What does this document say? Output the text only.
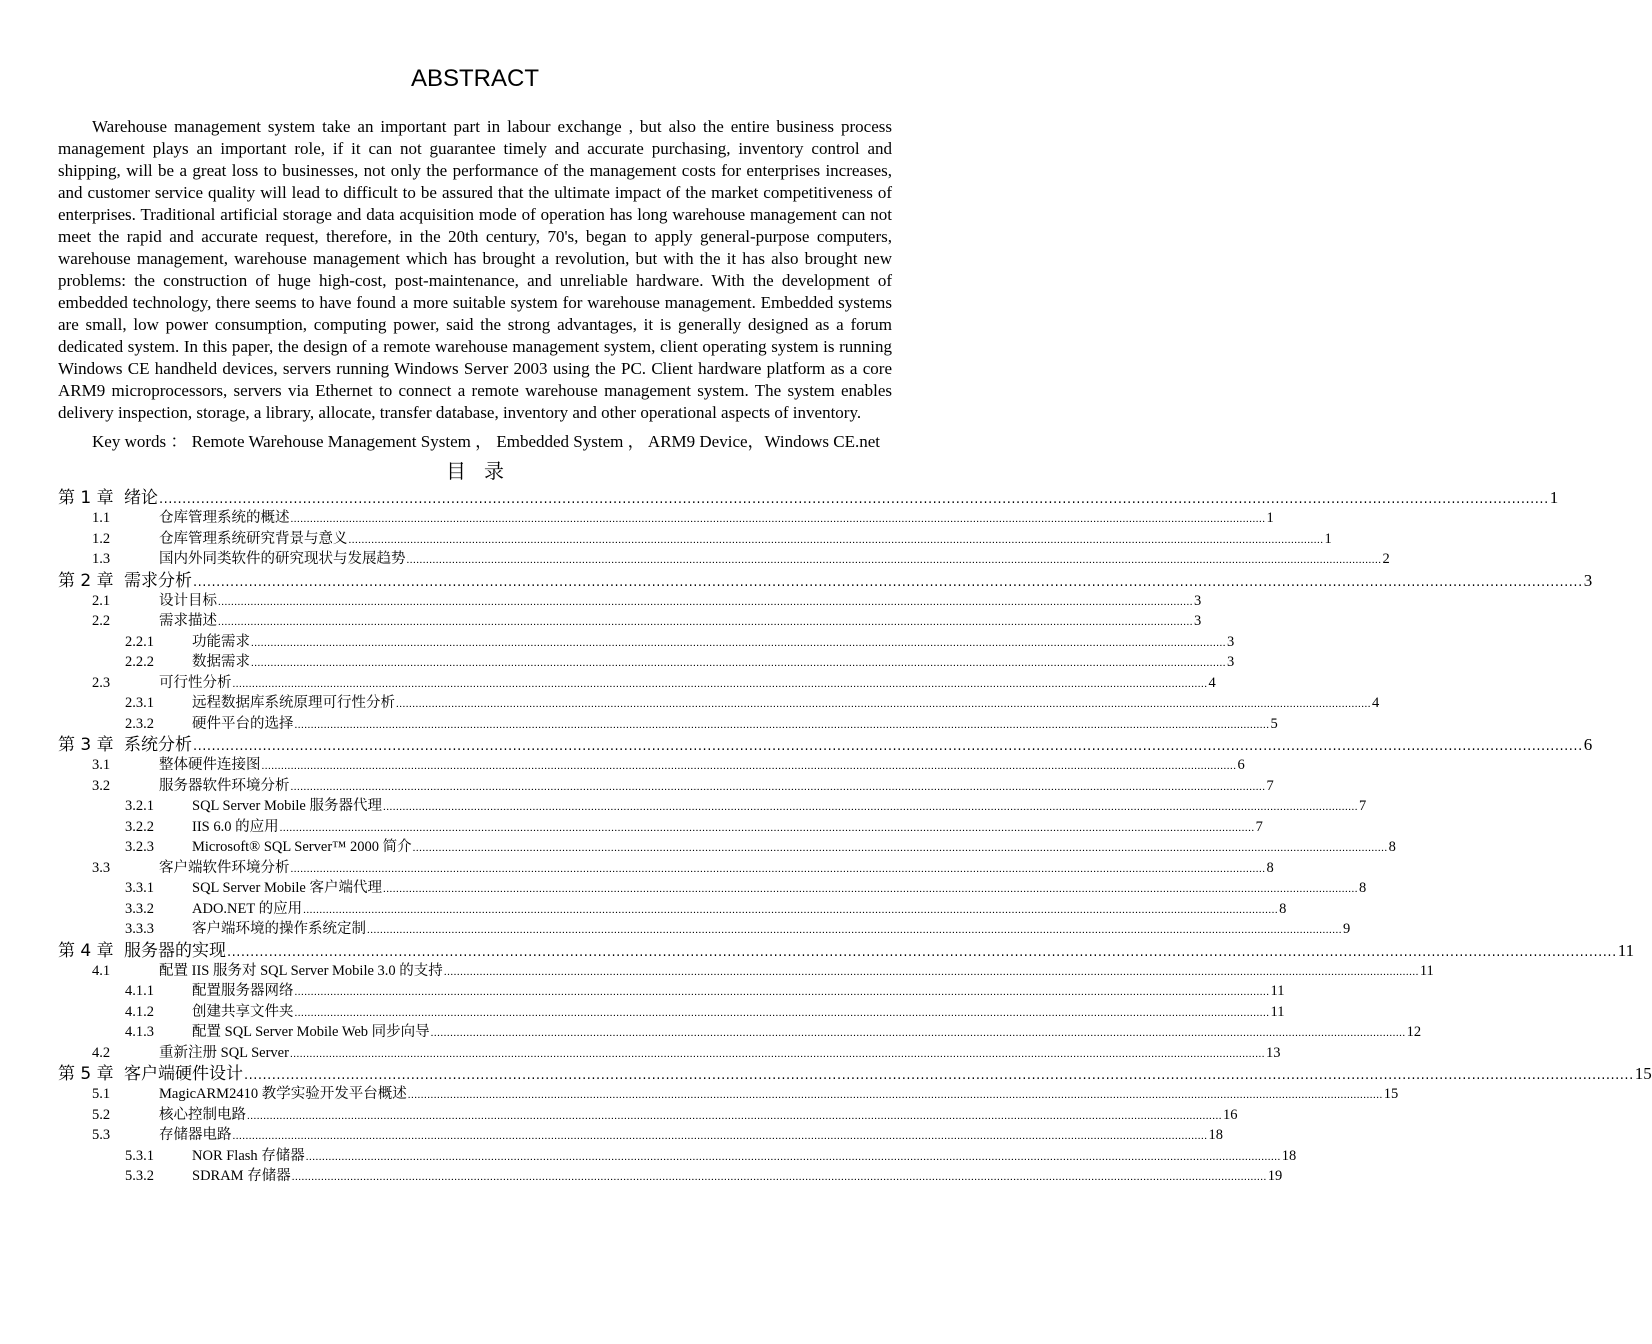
ABSTRACT

Warehouse management system take an important part in labour exchange , but also the entire business process management plays an important role, if it can not guarantee timely and accurate purchasing, inventory control and shipping, will be a great loss to businesses, not only the performance of the management costs for enterprises increases, and customer service quality will lead to difficult to be assured that the ultimate impact of the market competitiveness of enterprises. Traditional artificial storage and data acquisition mode of operation has long warehouse management can not meet the rapid and accurate request, therefore, in the 20th century, 70's, began to apply general-purpose computers, warehouse management, warehouse management which has brought a revolution, but with the it has also brought new problems: the construction of huge high-cost, post-maintenance, and unreliable hardware. With the development of embedded technology, there seems to have found a more suitable system for warehouse management. Embedded systems are small, low power consumption, computing power, said the strong advantages, it is generally designed as a forum dedicated system. In this paper, the design of a remote warehouse management system, client operating system is running Windows CE handheld devices, servers running Windows Server 2003 using the PC. Client hardware platform as a core ARM9 microprocessors, servers via Ethernet to connect a remote warehouse management system. The system enables delivery inspection, storage, a library, allocate, transfer database, inventory and other operational aspects of inventory.

Key words ： Remote Warehouse Management System ， Embedded System ， ARM9 Device，Windows CE.net

目录
第 1 章 绪论 ............................................................................................................................................................................................................................................................................................................ 1
1.1	仓库管理系统的概述 ............................................................................................................................................................................................................................................................................................................ 1
1.2	仓库管理系统研究背景与意义 ............................................................................................................................................................................................................................................................................................................ 1
1.3	国内外同类软件的研究现状与发展趋势 ............................................................................................................................................................................................................................................................................................................ 2
第 2 章 需求分析 ............................................................................................................................................................................................................................................................................................................ 3
2.1	设计目标 ............................................................................................................................................................................................................................................................................................................ 3
2.2	需求描述 ............................................................................................................................................................................................................................................................................................................ 3
2.2.1	功能需求 ............................................................................................................................................................................................................................................................................................................ 3
2.2.2	数据需求 ............................................................................................................................................................................................................................................................................................................ 3
2.3	可行性分析 ............................................................................................................................................................................................................................................................................................................ 4
2.3.1	远程数据库系统原理可行性分析 ............................................................................................................................................................................................................................................................................................................ 4
2.3.2	硬件平台的选择 ............................................................................................................................................................................................................................................................................................................ 5
第 3 章 系统分析 ............................................................................................................................................................................................................................................................................................................ 6
3.1	整体硬件连接图 ............................................................................................................................................................................................................................................................................................................ 6
3.2	服务器软件环境分析 ............................................................................................................................................................................................................................................................................................................ 7
3.2.1	SQL Server Mobile 服务器代理 ............................................................................................................................................................................................................................................................................................................ 7
3.2.2	IIS 6.0 的应用 ............................................................................................................................................................................................................................................................................................................ 7
3.2.3	Microsoft® SQL Server™ 2000 简介 ............................................................................................................................................................................................................................................................................................................ 8
3.3	客户端软件环境分析 ............................................................................................................................................................................................................................................................................................................ 8
3.3.1	SQL Server Mobile 客户端代理 ............................................................................................................................................................................................................................................................................................................ 8
3.3.2	ADO.NET 的应用 ............................................................................................................................................................................................................................................................................................................ 8
3.3.3	客户端环境的操作系统定制 ............................................................................................................................................................................................................................................................................................................ 9
第 4 章 服务器的实现 ............................................................................................................................................................................................................................................................................................................ 11
4.1	配置 IIS 服务对 SQL Server Mobile 3.0 的支持 ............................................................................................................................................................................................................................................................................................................ 11
4.1.1	配置服务器网络 ............................................................................................................................................................................................................................................................................................................ 11
4.1.2	创建共享文件夹 ............................................................................................................................................................................................................................................................................................................ 11
4.1.3	配置 SQL Server Mobile Web 同步向导 ............................................................................................................................................................................................................................................................................................................ 12
4.2	重新注册 SQL Server ............................................................................................................................................................................................................................................................................................................ 13
第 5 章 客户端硬件设计 ............................................................................................................................................................................................................................................................................................................ 15
5.1	MagicARM2410 教学实验开发平台概述 ............................................................................................................................................................................................................................................................................................................ 15
5.2	核心控制电路 ............................................................................................................................................................................................................................................................................................................ 16
5.3	存储器电路 ............................................................................................................................................................................................................................................................................................................ 18
5.3.1	NOR Flash 存储器 ............................................................................................................................................................................................................................................................................................................ 18
5.3.2	SDRAM 存储器 ............................................................................................................................................................................................................................................................................................................ 19
